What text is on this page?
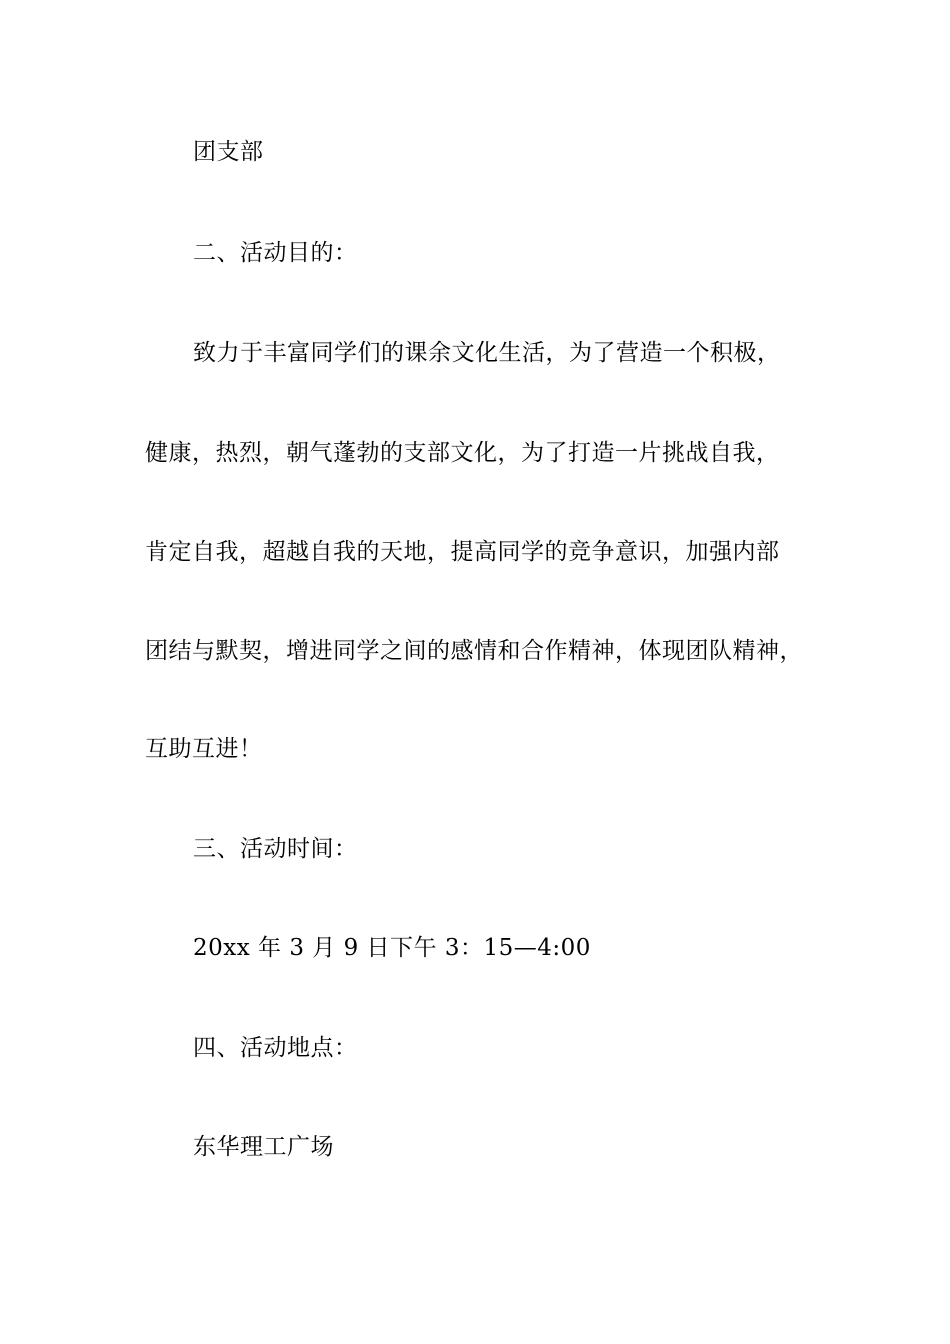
团支部
二、活动目的：
致力于丰富同学们的课余文化生活，为了营造一个积极，
健康，热烈，朝气蓬勃的支部文化，为了打造一片挑战自我，
肯定自我，超越自我的天地，提高同学的竞争意识，加强内部
团结与默契，增进同学之间的感情和合作精神，体现团队精神，
互助互进！
三、活动时间：
20xx 年 3 月 9 日下午 3：15—4:00
四、活动地点：
东华理工广场
